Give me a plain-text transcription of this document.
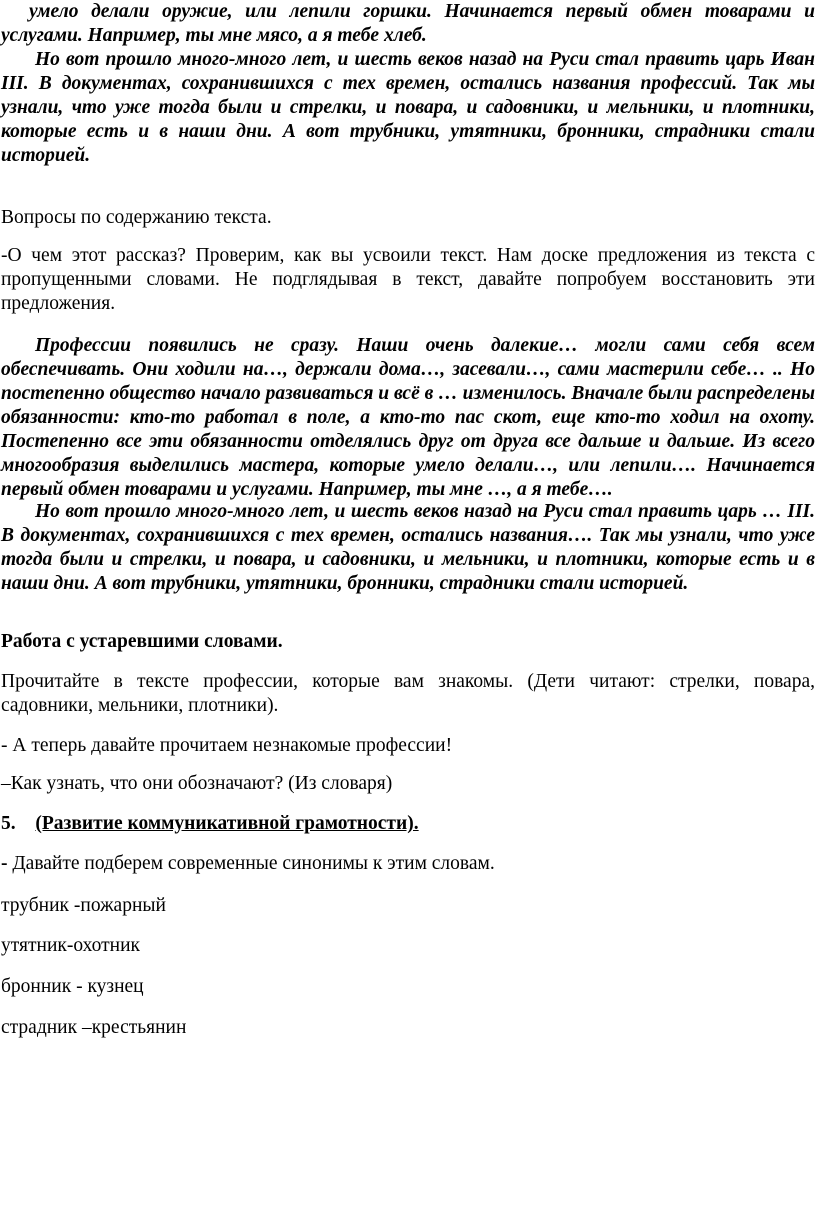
умело делали оружие, или лепили горшки. Начинается первый обмен товарами и услугами. Например, ты мне мясо, а я тебе хлеб.

Но вот прошло много-много лет, и шесть веков назад на Руси стал править царь Иван III. В документах, сохранившихся с тех времен, остались названия профессий. Так мы узнали, что уже тогда были и стрелки, и повара, и садовники, и мельники, и плотники, которые есть и в наши дни. А вот трубники, утятники, бронники, страдники стали историей.

Вопросы по содержанию текста.

-О чем этот рассказ? Проверим, как вы усвоили текст. Нам доске предложения из текста с пропущенными словами. Не подглядывая в текст, давайте попробуем восстановить эти предложения.

Профессии появились не сразу. Наши очень далекие… могли сами себя всем обеспечивать. Они ходили на…, держали дома…, засевали…, сами мастерили себе… .. Но постепенно общество начало развиваться и всё в … изменилось. Вначале были распределены обязанности: кто-то работал в поле, а кто-то пас скот, еще кто-то ходил на охоту. Постепенно все эти обязанности отделялись друг от друга все дальше и дальше. Из всего многообразия выделились мастера, которые умело делали…, или лепили…. Начинается первый обмен товарами и услугами. Например, ты мне …, а я тебе….

Но вот прошло много-много лет, и шесть веков назад на Руси стал править царь … III. В документах, сохранившихся с тех времен, остались названия…. Так мы узнали, что уже тогда были и стрелки, и повара, и садовники, и мельники, и плотники, которые есть и в наши дни. А вот трубники, утятники, бронники, страдники стали историей.

Работа с устаревшими словами.

Прочитайте в тексте профессии, которые вам знакомы. (Дети читают: стрелки, повара, садовники, мельники, плотники).

- А теперь давайте прочитаем незнакомые профессии!

–Как узнать, что они обозначают? (Из словаря)

5. (Развитие коммуникативной грамотности).

- Давайте подберем современные синонимы к этим словам.

трубник -пожарный

утятник-охотник

бронник - кузнец

страдник –крестьянин
